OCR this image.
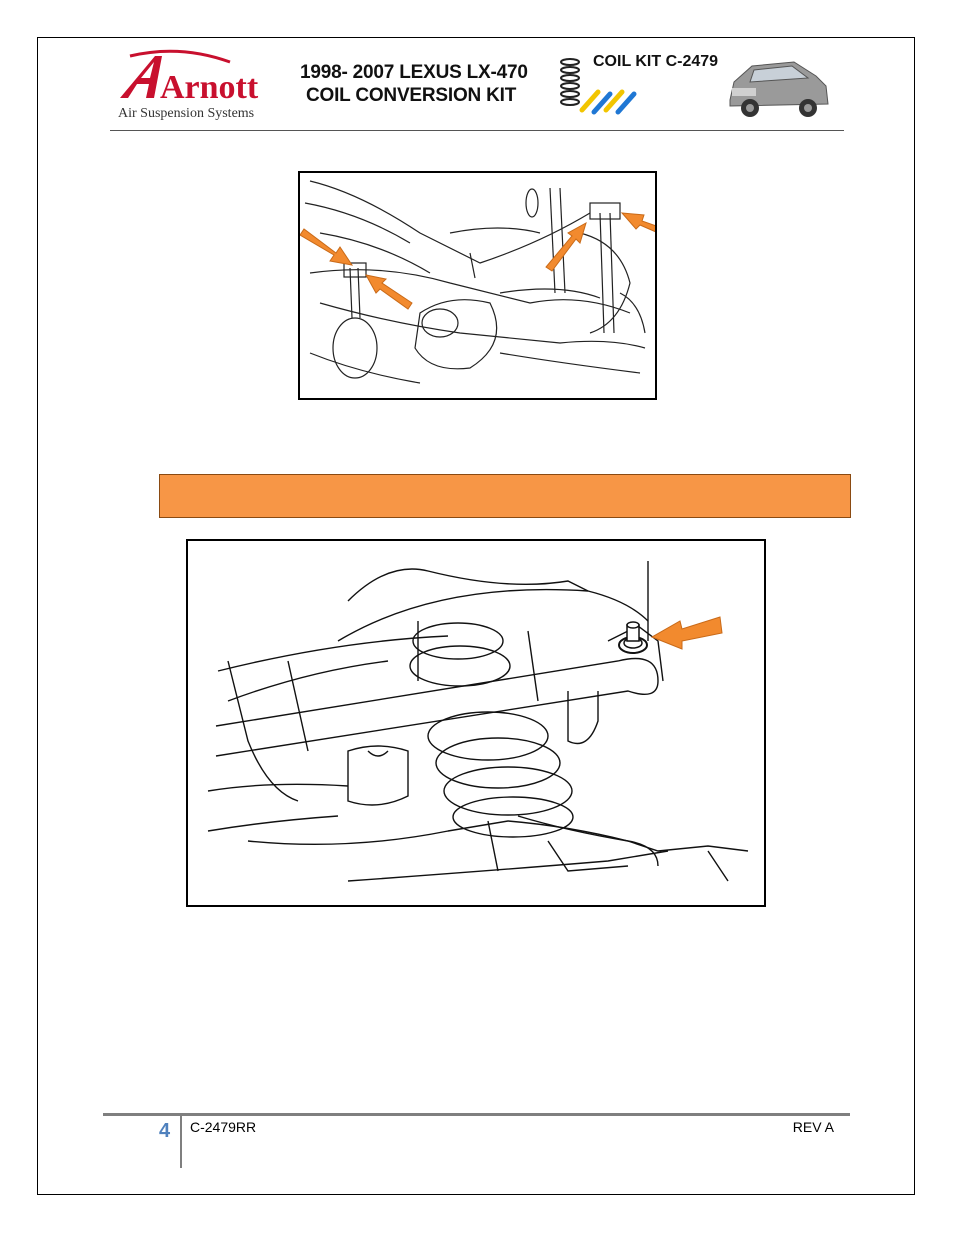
Arnott
Air Suspension Systems
1998- 2007 LEXUS LX-470
COIL CONVERSION KIT
COIL KIT C-2479
4 C-2479RR	REV A
